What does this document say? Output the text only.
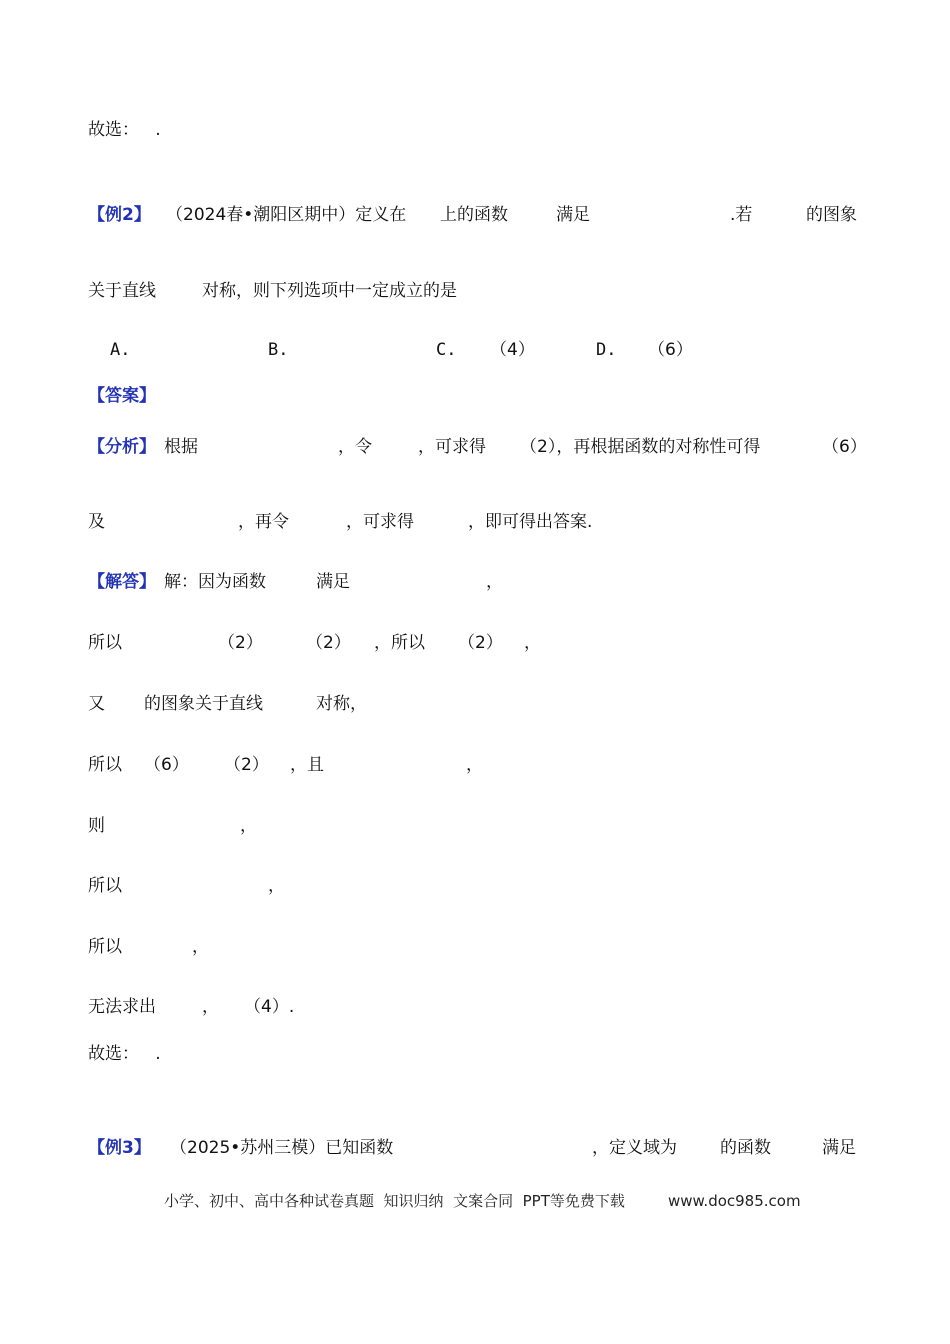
故选：   .

【例2】

（2024春•潮阳区期中）定义在

上的函数

	满足

	.若

	的图象

关于直线

	对称，则下列选项中一定成立的是

A.

	B.

	C.

（4）

	D.

（6）

【答案】

【分析】

根据

	，令

	，可求得

（2），再根据函数的对称性可得

	（6）

及

	，再令

	，可求得

	，即可得出答案.

【解答】

解：因为函数

	满足

	，

所以

	（2）

	（2）

，所以

（2）

，

又

的图象关于直线

	对称，

所以

（6）

（2）

，且

	，

则

	，

所以

	，

所以

	，

无法求出

	，

（4）.

故选：   .

【例3】

（2025•苏州三模）已知函数

	，定义域为

	的函数

	满足

小学、初中、高中各种试卷真题  知识归纳  文案合同  PPT等免费下载	www.doc985.com
